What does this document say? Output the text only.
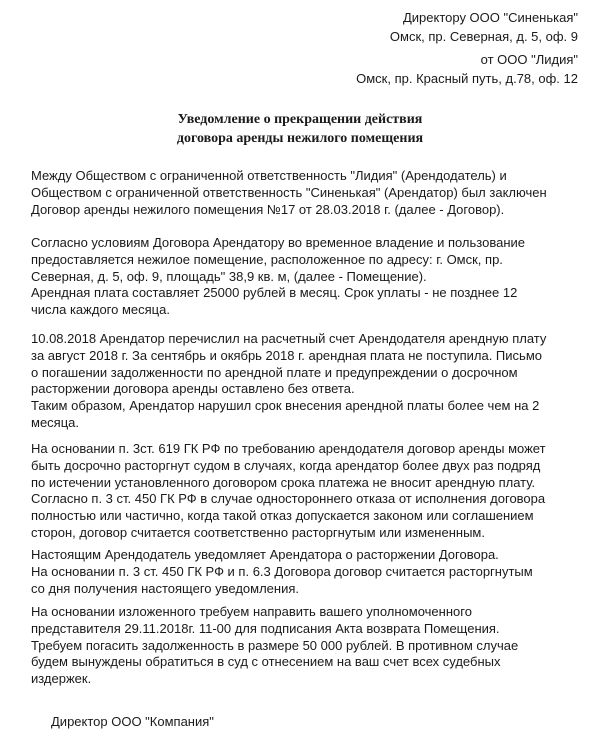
Директору ООО "Синенькая"
Омск, пр. Северная, д. 5, оф. 9
от ООО "Лидия"
Омск, пр. Красный путь, д.78, оф. 12
Уведомление о прекращении действия
договора аренды нежилого помещения
Между Обществом с ограниченной ответственность "Лидия" (Арендодатель) и
Обществом с ограниченной ответственность "Синенькая" (Арендатор) был заключен
Договор аренды нежилого помещения №17 от 28.03.2018 г. (далее - Договор).
Согласно условиям Договора Арендатору во временное владение и пользование
предоставляется нежилое помещение, расположенное по адресу: г. Омск, пр.
Северная, д. 5, оф. 9, площадь" 38,9 кв. м, (далее - Помещение).
Арендная плата составляет 25000 рублей в месяц. Срок уплаты - не позднее 12
числа каждого месяца.
10.08.2018 Арендатор перечислил на расчетный счет Арендодателя арендную плату
за август 2018 г. За сентябрь и окябрь 2018 г. арендная плата не поступила. Письмо
о погашении задолженности по арендной плате и предупреждении о досрочном
расторжении договора аренды оставлено без ответа.
Таким образом, Арендатор нарушил срок внесения арендной платы более чем на 2
месяца.
На основании п. 3ст. 619 ГК РФ по требованию арендодателя договор аренды может
быть досрочно расторгнут судом в случаях, когда арендатор более двух раз подряд
по истечении установленного договором срока платежа не вносит арендную плату.
Согласно п. 3 ст. 450 ГК РФ в случае одностороннего отказа от исполнения договора
полностью или частично, когда такой отказ допускается законом или соглашением
сторон, договор считается соответственно расторгнутым или измененным.
Настоящим Арендодатель уведомляет Арендатора о расторжении Договора.
На основании п. 3 ст. 450 ГК РФ и п. 6.3 Договора договор считается расторгнутым
со дня получения настоящего уведомления.
На основании изложенного требуем направить вашего уполномоченного
представителя 29.11.2018г. 11-00 для подписания Акта возврата Помещения.
Требуем погасить задолженность в размере 50 000 рублей. В противном случае
будем вынуждены обратиться в суд с отнесением на ваш счет всех судебных
издержек.
Директор ООО "Компания"
